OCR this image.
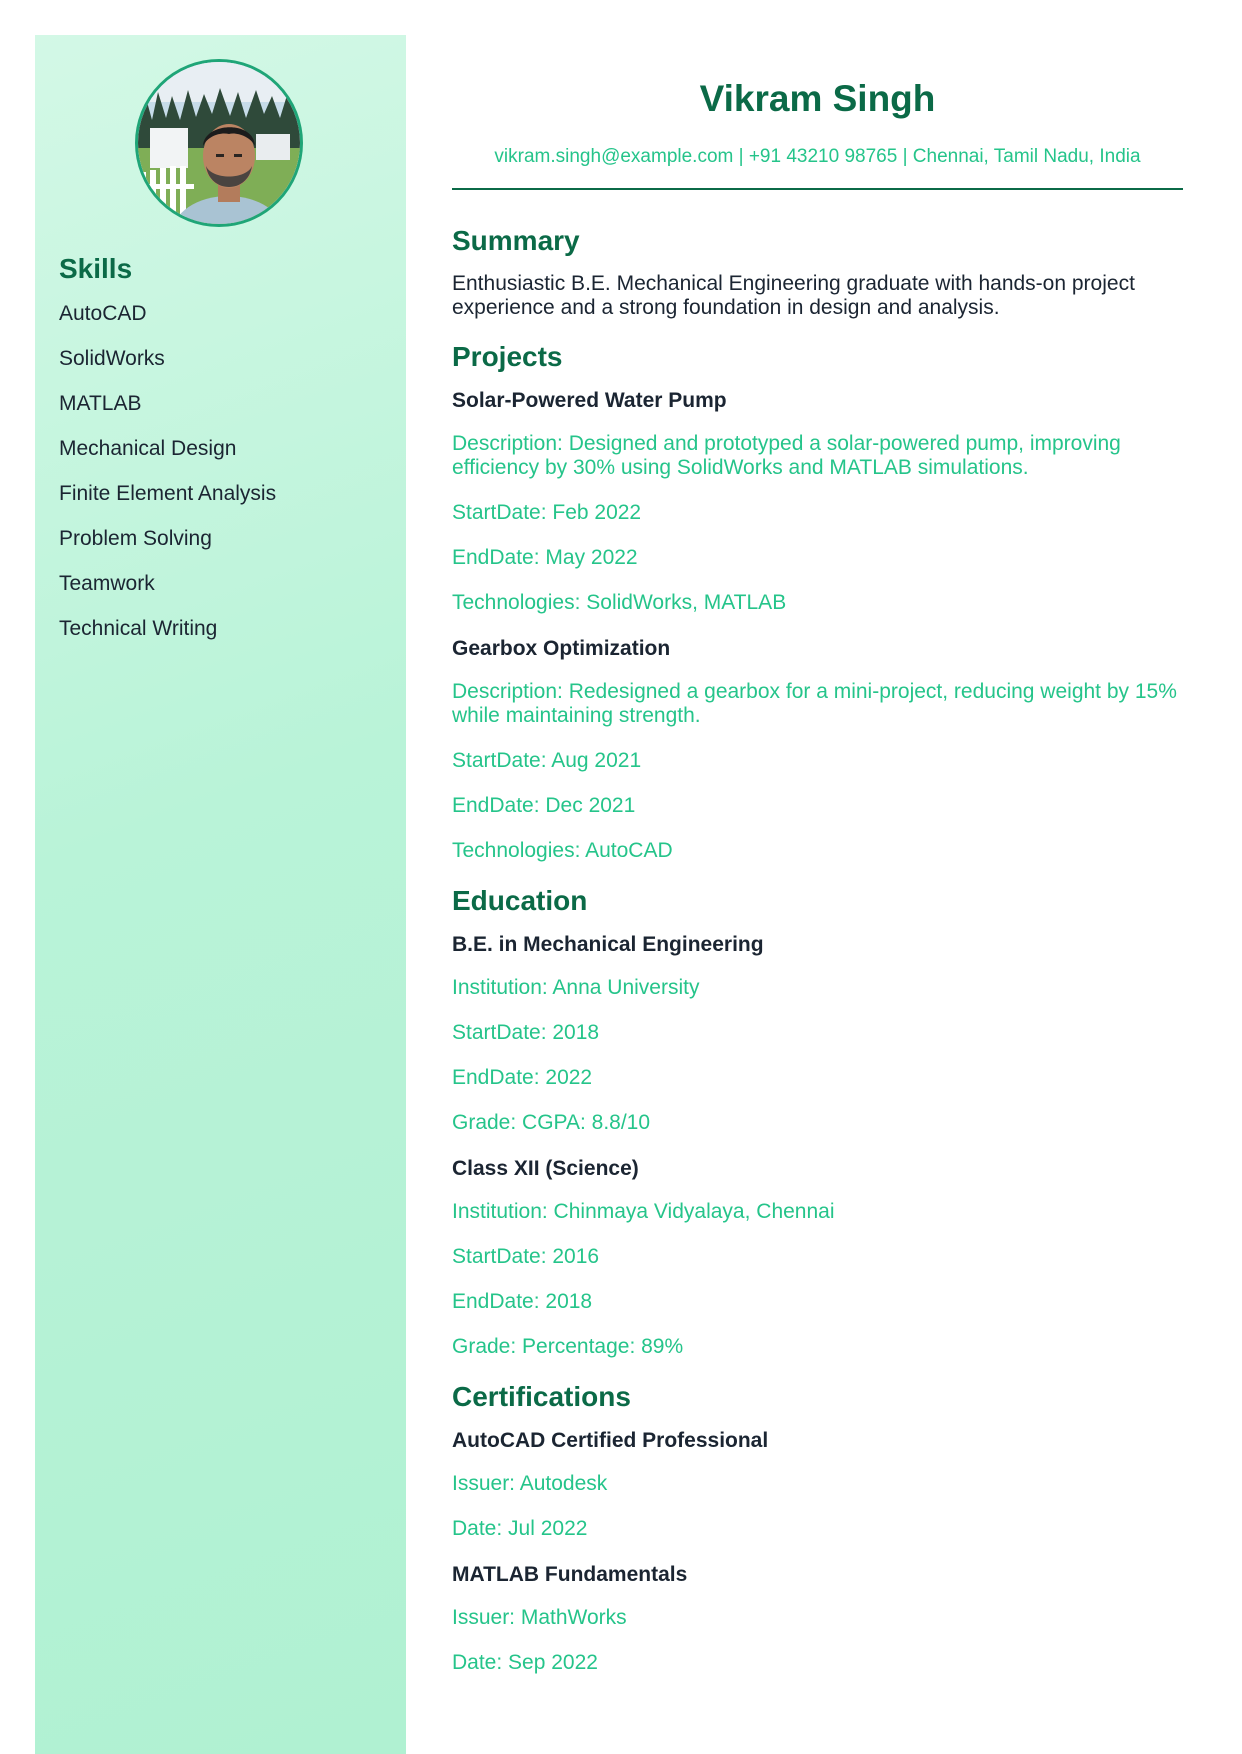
Skills
AutoCAD
SolidWorks
MATLAB
Mechanical Design
Finite Element Analysis
Problem Solving
Teamwork
Technical Writing
Vikram Singh
vikram.singh@example.com | +91 43210 98765 | Chennai, Tamil Nadu, India
Summary

Enthusiastic B.E. Mechanical Engineering graduate with hands-on project experience and a strong foundation in design and analysis.

Projects
Solar-Powered Water Pump

Description: Designed and prototyped a solar-powered pump, improving efficiency by 30% using SolidWorks and MATLAB simulations.

StartDate: Feb 2022

EndDate: May 2022

Technologies: SolidWorks, MATLAB

Gearbox Optimization

Description: Redesigned a gearbox for a mini-project, reducing weight by 15% while maintaining strength.

StartDate: Aug 2021

EndDate: Dec 2021

Technologies: AutoCAD

Education
B.E. in Mechanical Engineering

Institution: Anna University

StartDate: 2018

EndDate: 2022

Grade: CGPA: 8.8/10

Class XII (Science)

Institution: Chinmaya Vidyalaya, Chennai

StartDate: 2016

EndDate: 2018

Grade: Percentage: 89%

Certifications
AutoCAD Certified Professional

Issuer: Autodesk

Date: Jul 2022

MATLAB Fundamentals

Issuer: MathWorks

Date: Sep 2022
